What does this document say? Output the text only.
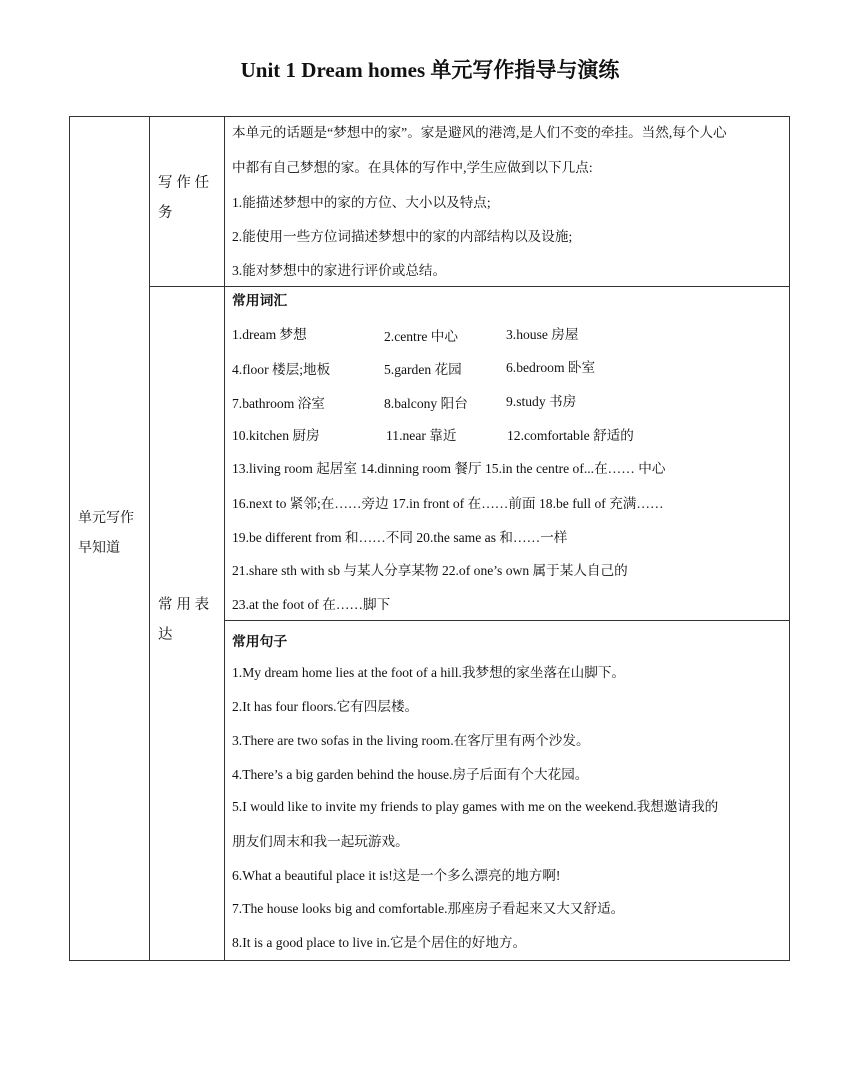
Unit 1 Dream homes 单元写作指导与演练
单元写作早知道
写 作 任 务
本单元的话题是“梦想中的家”。家是避风的港湾,是人们不变的牵挂。当然,每个人心
中都有自己梦想的家。在具体的写作中,学生应做到以下几点:
1.能描述梦想中的家的方位、大小以及特点;
2.能使用一些方位词描述梦想中的家的内部结构以及设施;
3.能对梦想中的家进行评价或总结。
常 用 表 达
常用词汇
1.dream 梦想	2.centre 中心	3.house 房屋
4.floor 楼层;地板	5.garden 花园	6.bedroom 卧室
7.bathroom 浴室	8.balcony 阳台	9.study 书房
10.kitchen 厨房	11.near 靠近	12.comfortable 舒适的
13.living room 起居室 14.dinning room 餐厅 15.in the centre of...在…… 中心
16.next to 紧邻;在……旁边 17.in front of 在……前面 18.be full of 充满……
19.be different from 和……不同 20.the same as 和……一样
21.share sth with sb 与某人分享某物 22.of one’s own 属于某人自己的
23.at the foot of 在……脚下
常用句子
1.My dream home lies at the foot of a hill.我梦想的家坐落在山脚下。
2.It has four floors.它有四层楼。
3.There are two sofas in the living room.在客厅里有两个沙发。
4.There’s a big garden behind the house.房子后面有个大花园。
5.I would like to invite my friends to play games with me on the weekend.我想邀请我的
朋友们周末和我一起玩游戏。
6.What a beautiful place it is!这是一个多么漂亮的地方啊!
7.The house looks big and comfortable.那座房子看起来又大又舒适。
8.It is a good place to live in.它是个居住的好地方。
